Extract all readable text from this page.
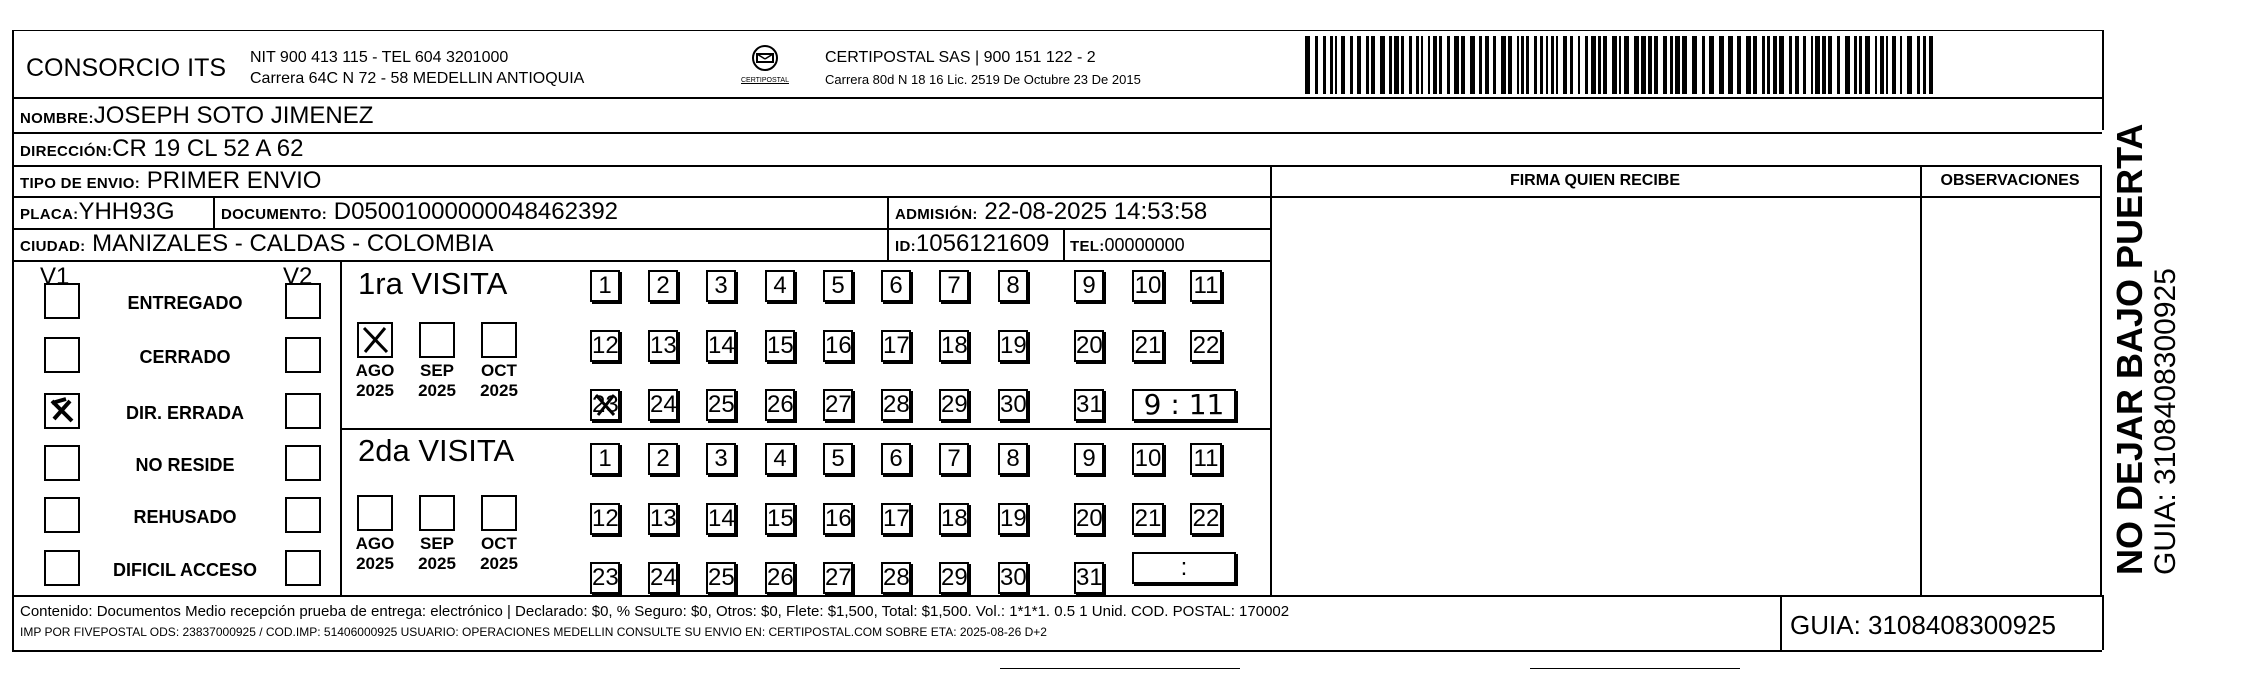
CONSORCIO ITS NIT 900 413 115 - TEL 604 3201000
Carrera 64C N 72 - 58 MEDELLIN ANTIOQUIA	CERTIPOSTAL
CERTIPOSTAL SAS | 900 151 122 - 2
Carrera 80d N 18 16 Lic. 2519 De Octubre 23 De 2015
NOMBRE:JOSEPH SOTO JIMENEZ
DIRECCIÓN:CR 19 CL 52 A 62
TIPO DE ENVIO: PRIMER ENVIO	FIRMA QUIEN RECIBE	OBSERVACIONES
PLACA:YHH93G	DOCUMENTO: D05001000000048462392	ADMISIÓN: 22-08-2025 14:53:58
CIUDAD: MANIZALES - CALDAS - COLOMBIA	ID:1056121609 TEL:00000000
V1	V2
ENTREGADO
CERRADO
DIR. ERRADA
NO RESIDE
REHUSADO
DIFICIL ACCESO
1ra VISITA
2da VISITA
AGO
2025
SEP
2025
OCT
2025
AGO
2025
SEP
2025
OCT
2025
1	2	3	4	5	6	7	8	9	10 11
12 13 14 15 16 17 18 19 20 21 22
23 24 25 26 27 28 29 30 31
1	2	3	4	5	6	7	8	9	10 11
12 13 14 15 16 17 18 19 20 21 22
23 24 25 26 27 28 29 30 31
9 : 11
:
Contenido: Documentos Medio recepción prueba de entrega: electrónico | Declarado: $0, % Seguro: $0, Otros: $0, Flete: $1,500, Total: $1,500. Vol.: 1*1*1. 0.5 1 Unid. COD. POSTAL: 170002
IMP POR FIVEPOSTAL ODS: 23837000925 / COD.IMP: 51406000925 USUARIO: OPERACIONES MEDELLIN CONSULTE SU ENVIO EN: CERTIPOSTAL.COM SOBRE ETA: 2025-08-26 D+2	GUIA: 3108408300925
NO DEJAR BAJO PUERTA GUIA: 3108408300925
